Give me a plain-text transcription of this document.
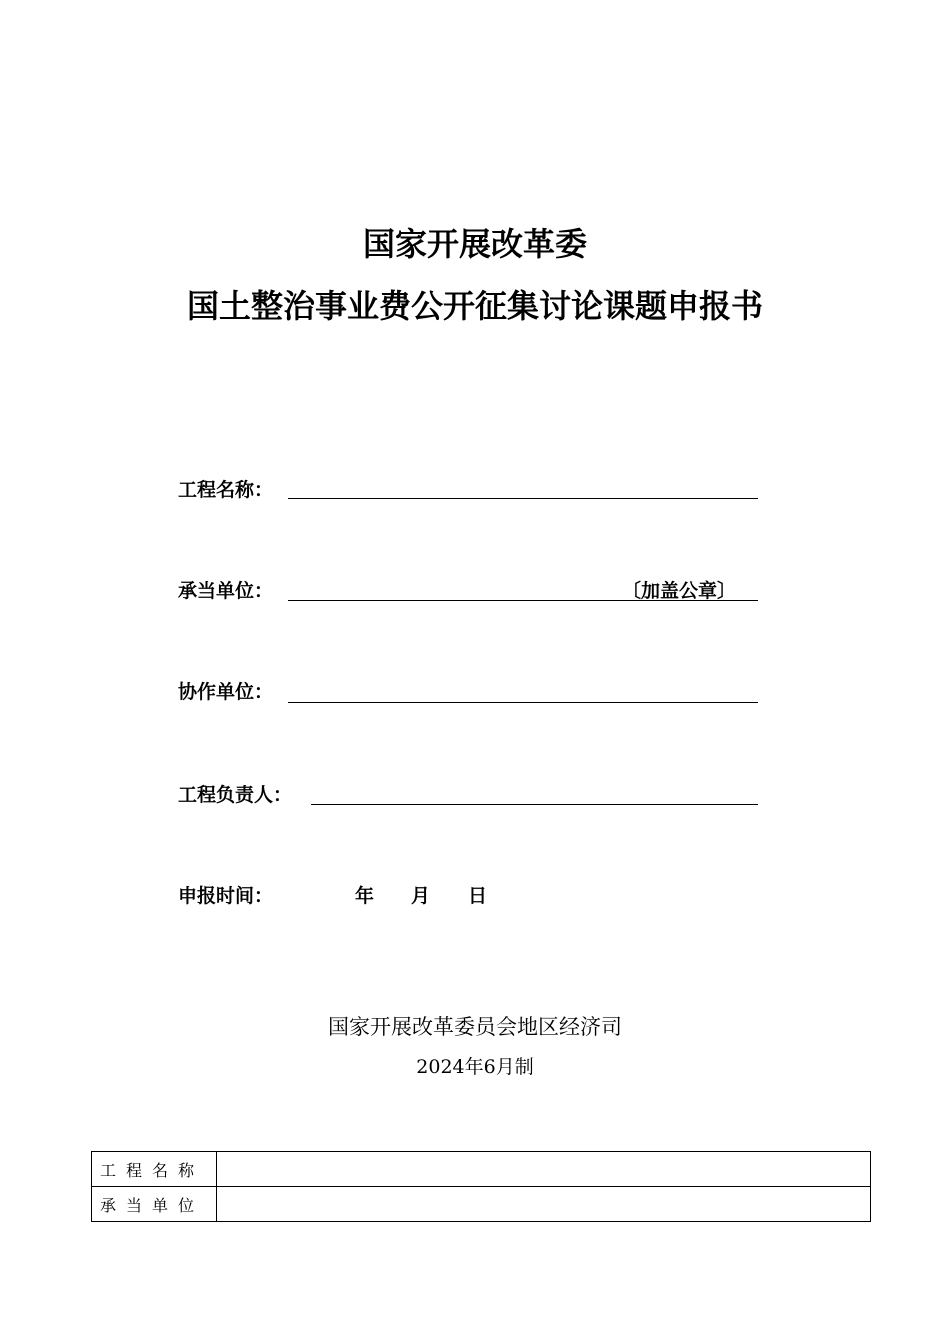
国家开展改革委
国土整治事业费公开征集讨论课题申报书
工程名称：
承当单位：	〔加盖公章〕
协作单位：
工程负责人：
申报时间：	年 月 日
国家开展改革委员会地区经济司
2024年6月制
工程名称	
承当单位	
